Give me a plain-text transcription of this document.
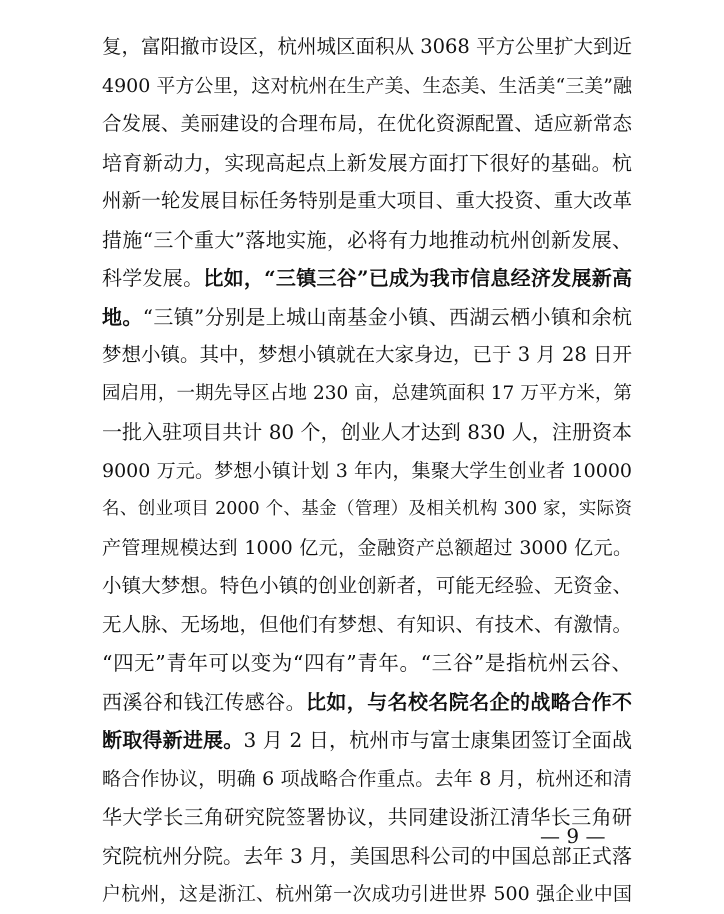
复，富阳撤市设区，杭州城区面积从 3068 平方公里扩大到近
4900 平方公里，这对杭州在生产美、生态美、生活美“三美”融
合发展、美丽建设的合理布局，在优化资源配置、适应新常态
培育新动力，实现高起点上新发展方面打下很好的基础。杭
州新一轮发展目标任务特别是重大项目、重大投资、重大改革
措施“三个重大”落地实施，必将有力地推动杭州创新发展、
科学发展。比如，“三镇三谷”已成为我市信息经济发展新高
地。“三镇”分别是上城山南基金小镇、西湖云栖小镇和余杭
梦想小镇。其中，梦想小镇就在大家身边，已于 3 月 28 日开
园启用，一期先导区占地 230 亩，总建筑面积 17 万平方米，第
一批入驻项目共计 80 个，创业人才达到 830 人，注册资本
9000 万元。梦想小镇计划 3 年内，集聚大学生创业者 10000
名、创业项目 2000 个、基金（管理）及相关机构 300 家，实际资
产管理规模达到 1000 亿元，金融资产总额超过 3000 亿元。
小镇大梦想。特色小镇的创业创新者，可能无经验、无资金、
无人脉、无场地，但他们有梦想、有知识、有技术、有激情。
“四无”青年可以变为“四有”青年。“三谷”是指杭州云谷、
西溪谷和钱江传感谷。比如，与名校名院名企的战略合作不
断取得新进展。3 月 2 日，杭州市与富士康集团签订全面战
略合作协议，明确 6 项战略合作重点。去年 8 月，杭州还和清
华大学长三角研究院签署协议，共同建设浙江清华长三角研
究院杭州分院。去年 3 月，美国思科公司的中国总部正式落
户杭州，这是浙江、杭州第一次成功引进世界 500 强企业中国
— 9 —
